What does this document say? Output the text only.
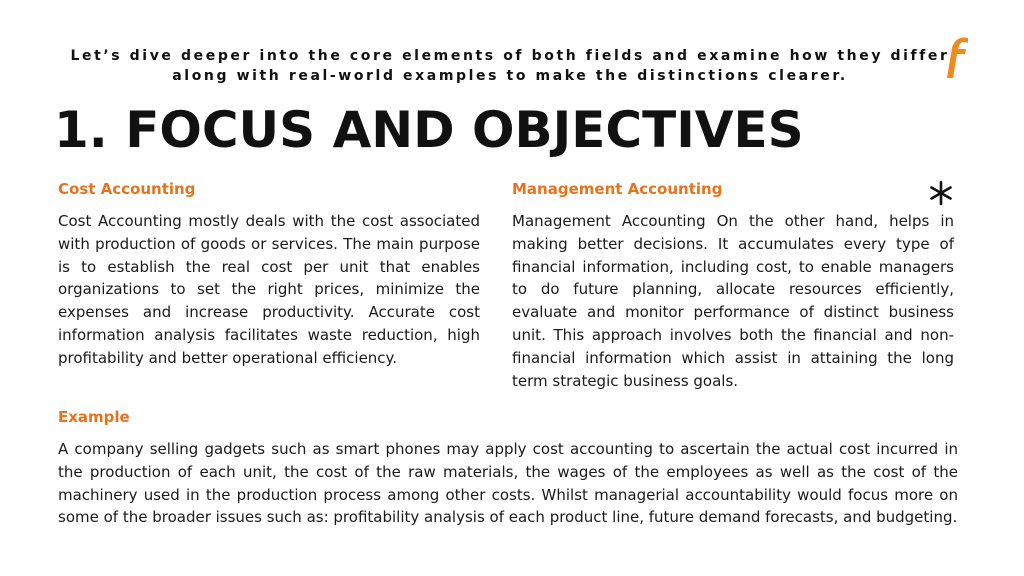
Let’s dive deeper into the core elements of both fields and examine how they differ along with real-world examples to make the distinctions clearer.
1. FOCUS AND OBJECTIVES
Cost Accounting

Cost Accounting mostly deals with the cost associated with production of goods or services. The main purpose is to establish the real cost per unit that enables organizations to set the right prices, minimize the expenses and increase productivity. Accurate cost information analysis facilitates waste reduction, high profitability and better operational efficiency.

Management Accounting

Management Accounting On the other hand, helps in making better decisions. It accumulates every type of financial information, including cost, to enable managers to do future planning, allocate resources efficiently, evaluate and monitor performance of distinct business unit. This approach involves both the financial and non-financial information which assist in attaining the long term strategic business goals.

Example

A company selling gadgets such as smart phones may apply cost accounting to ascertain the actual cost incurred in the production of each unit, the cost of the raw materials, the wages of the employees as well as the cost of the machinery used in the production process among other costs. Whilst managerial accountability would focus more on some of the broader issues such as: profitability analysis of each product line, future demand forecasts, and budgeting.
